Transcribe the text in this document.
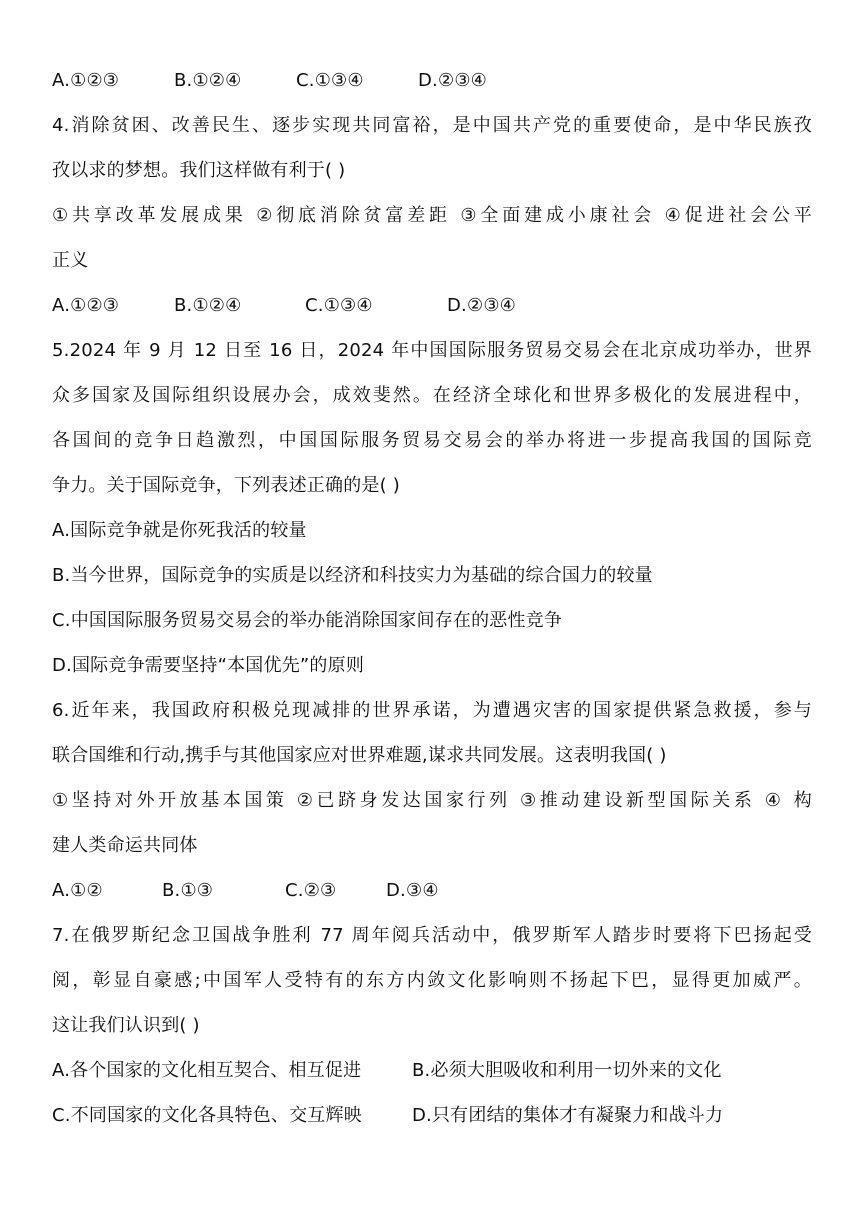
A.①②③	B.①②④	C.①③④	D.②③④
4.消除贫困、改善民生、逐步实现共同富裕，是中国共产党的重要使命，是中华民族孜
孜以求的梦想。我们这样做有利于( )
①共享改革发展成果 ②彻底消除贫富差距 ③全面建成小康社会 ④促进社会公平
正义
A.①②③	B.①②④	C.①③④	D.②③④
5.2024 年 9 月 12 日至 16 日，2024 年中国国际服务贸易交易会在北京成功举办，世界
众多国家及国际组织设展办会，成效斐然。在经济全球化和世界多极化的发展进程中，
各国间的竞争日趋激烈，中国国际服务贸易交易会的举办将进一步提高我国的国际竞
争力。关于国际竞争，下列表述正确的是( )
A.国际竞争就是你死我活的较量
B.当今世界，国际竞争的实质是以经济和科技实力为基础的综合国力的较量
C.中国国际服务贸易交易会的举办能消除国家间存在的恶性竞争
D.国际竞争需要坚持“本国优先”的原则
6.近年来，我国政府积极兑现减排的世界承诺，为遭遇灾害的国家提供紧急救援，参与
联合国维和行动,携手与其他国家应对世界难题,谋求共同发展。这表明我国( )
①坚持对外开放基本国策 ②已跻身发达国家行列 ③推动建设新型国际关系 ④ 构
建人类命运共同体
A.①②	B.①③	C.②③	D.③④
7.在俄罗斯纪念卫国战争胜利 77 周年阅兵活动中，俄罗斯军人踏步时要将下巴扬起受
阅，彰显自豪感;中国军人受特有的东方内敛文化影响则不扬起下巴，显得更加威严。
这让我们认识到( )
A.各个国家的文化相互契合、相互促进	B.必须大胆吸收和利用一切外来的文化
C.不同国家的文化各具特色、交互辉映	D.只有团结的集体才有凝聚力和战斗力
